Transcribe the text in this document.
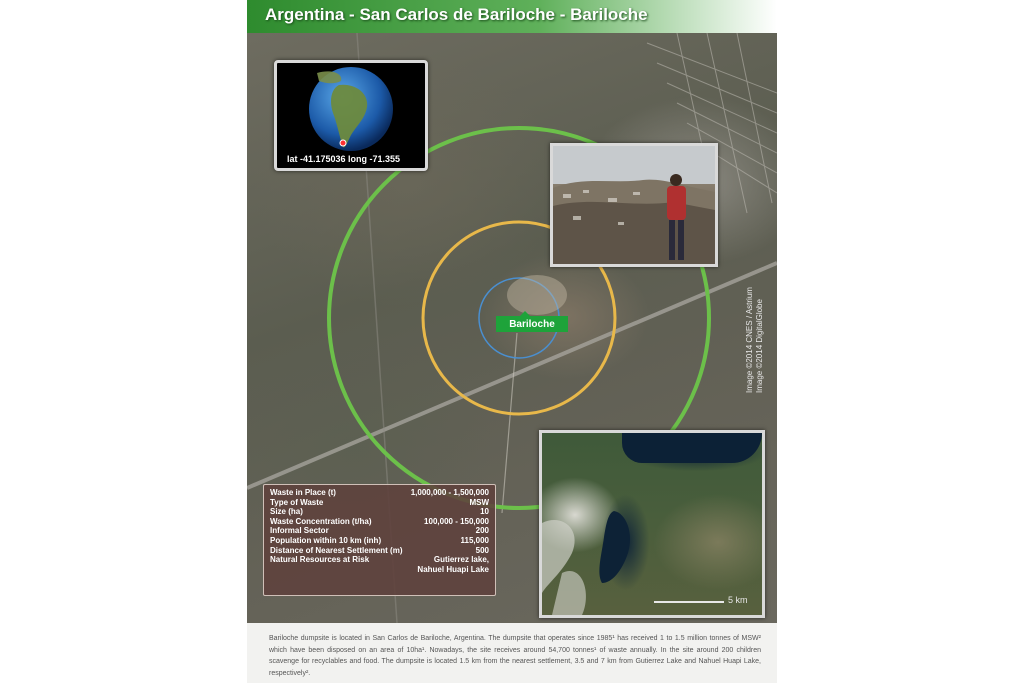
Argentina - San Carlos de Bariloche - Bariloche
lat -41.175036 long -71.355
Bariloche	Image ©2014 CNES / Astrium Image ©2014 DigitalGlobe
5 km
Waste in Place (t)	1,000,000 - 1,500,000
Type of Waste	MSW
Size (ha)	10
Waste Concentration (t/ha)	100,000 - 150,000
Informal Sector	200
Population within 10 km (inh)	115,000
Distance of Nearest Settlement (m)	500
Natural Resources at Risk	Gutierrez lake,
Nahuel Huapi Lake

Bariloche dumpsite is located in San Carlos de Bariloche, Argentina. The dumpsite that operates since 1985¹ has received 1 to 1.5 million tonnes of MSW² which have been disposed on an area of 10ha¹. Nowadays, the site receives around 54,700 tonnes¹ of waste annually. In the site around 200 children scavenge for recyclables and food. The dumpsite is located 1.5 km from the nearest settlement, 3.5 and 7 km from Gutierrez Lake and Nahuel Huapi Lake, respectively².
